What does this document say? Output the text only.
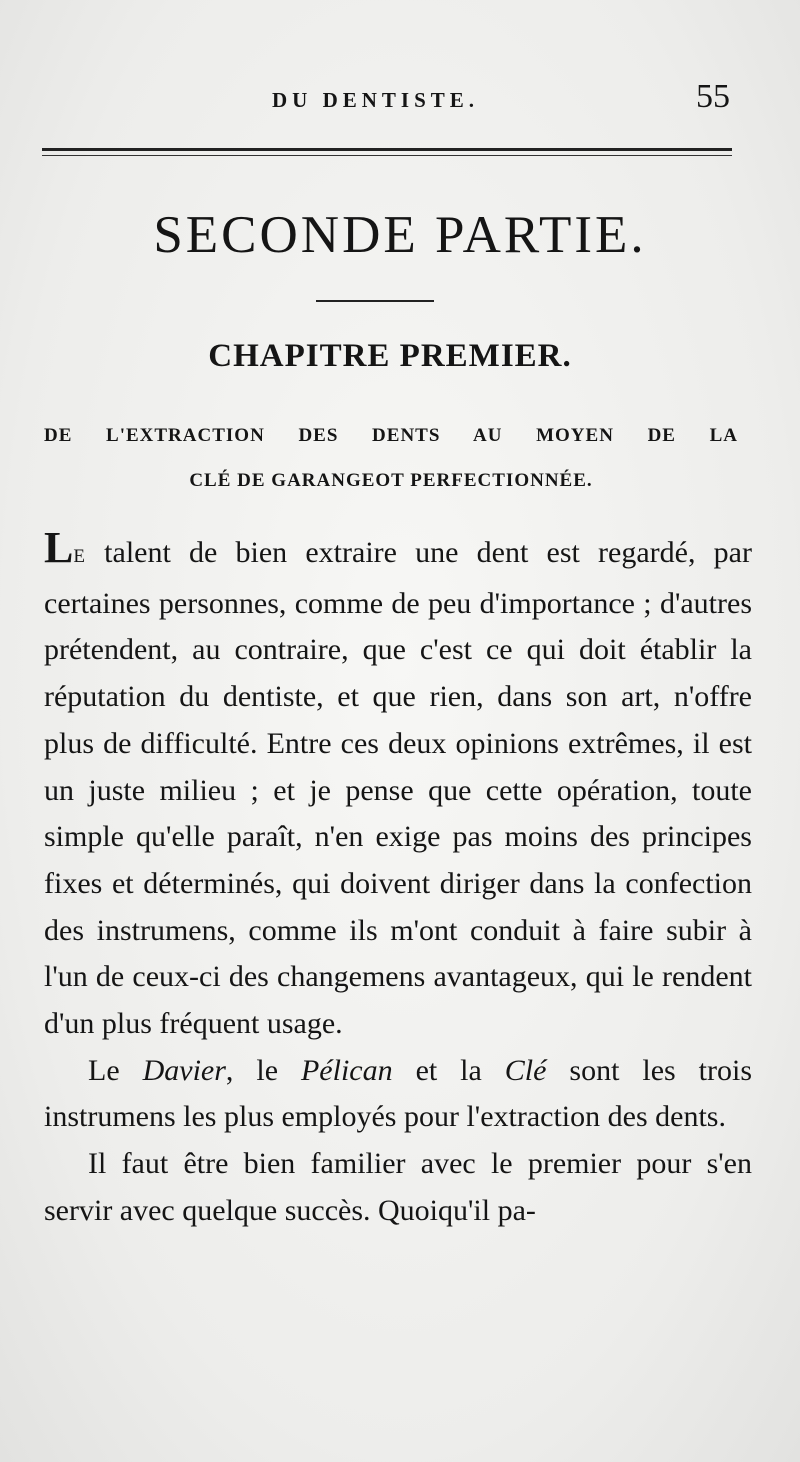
DU DENTISTE.	55
SECONDE PARTIE.
CHAPITRE PREMIER.
DE L'EXTRACTION DES DENTS AU MOYEN DE LA
CLÉ DE GARANGEOT PERFECTIONNÉE.

LE talent de bien extraire une dent est regardé, par certaines personnes, comme de peu d'importance ; d'autres prétendent, au contraire, que c'est ce qui doit établir la réputation du dentiste, et que rien, dans son art, n'offre plus de difficulté. Entre ces deux opinions extrêmes, il est un juste milieu ; et je pense que cette opération, toute simple qu'elle paraît, n'en exige pas moins des principes fixes et déterminés, qui doivent diriger dans la confection des instrumens, comme ils m'ont conduit à faire subir à l'un de ceux-ci des changemens avantageux, qui le rendent d'un plus fréquent usage.

Le Davier, le Pélican et la Clé sont les trois instrumens les plus employés pour l'extraction des dents.

Il faut être bien familier avec le premier pour s'en servir avec quelque succès. Quoiqu'il pa-
